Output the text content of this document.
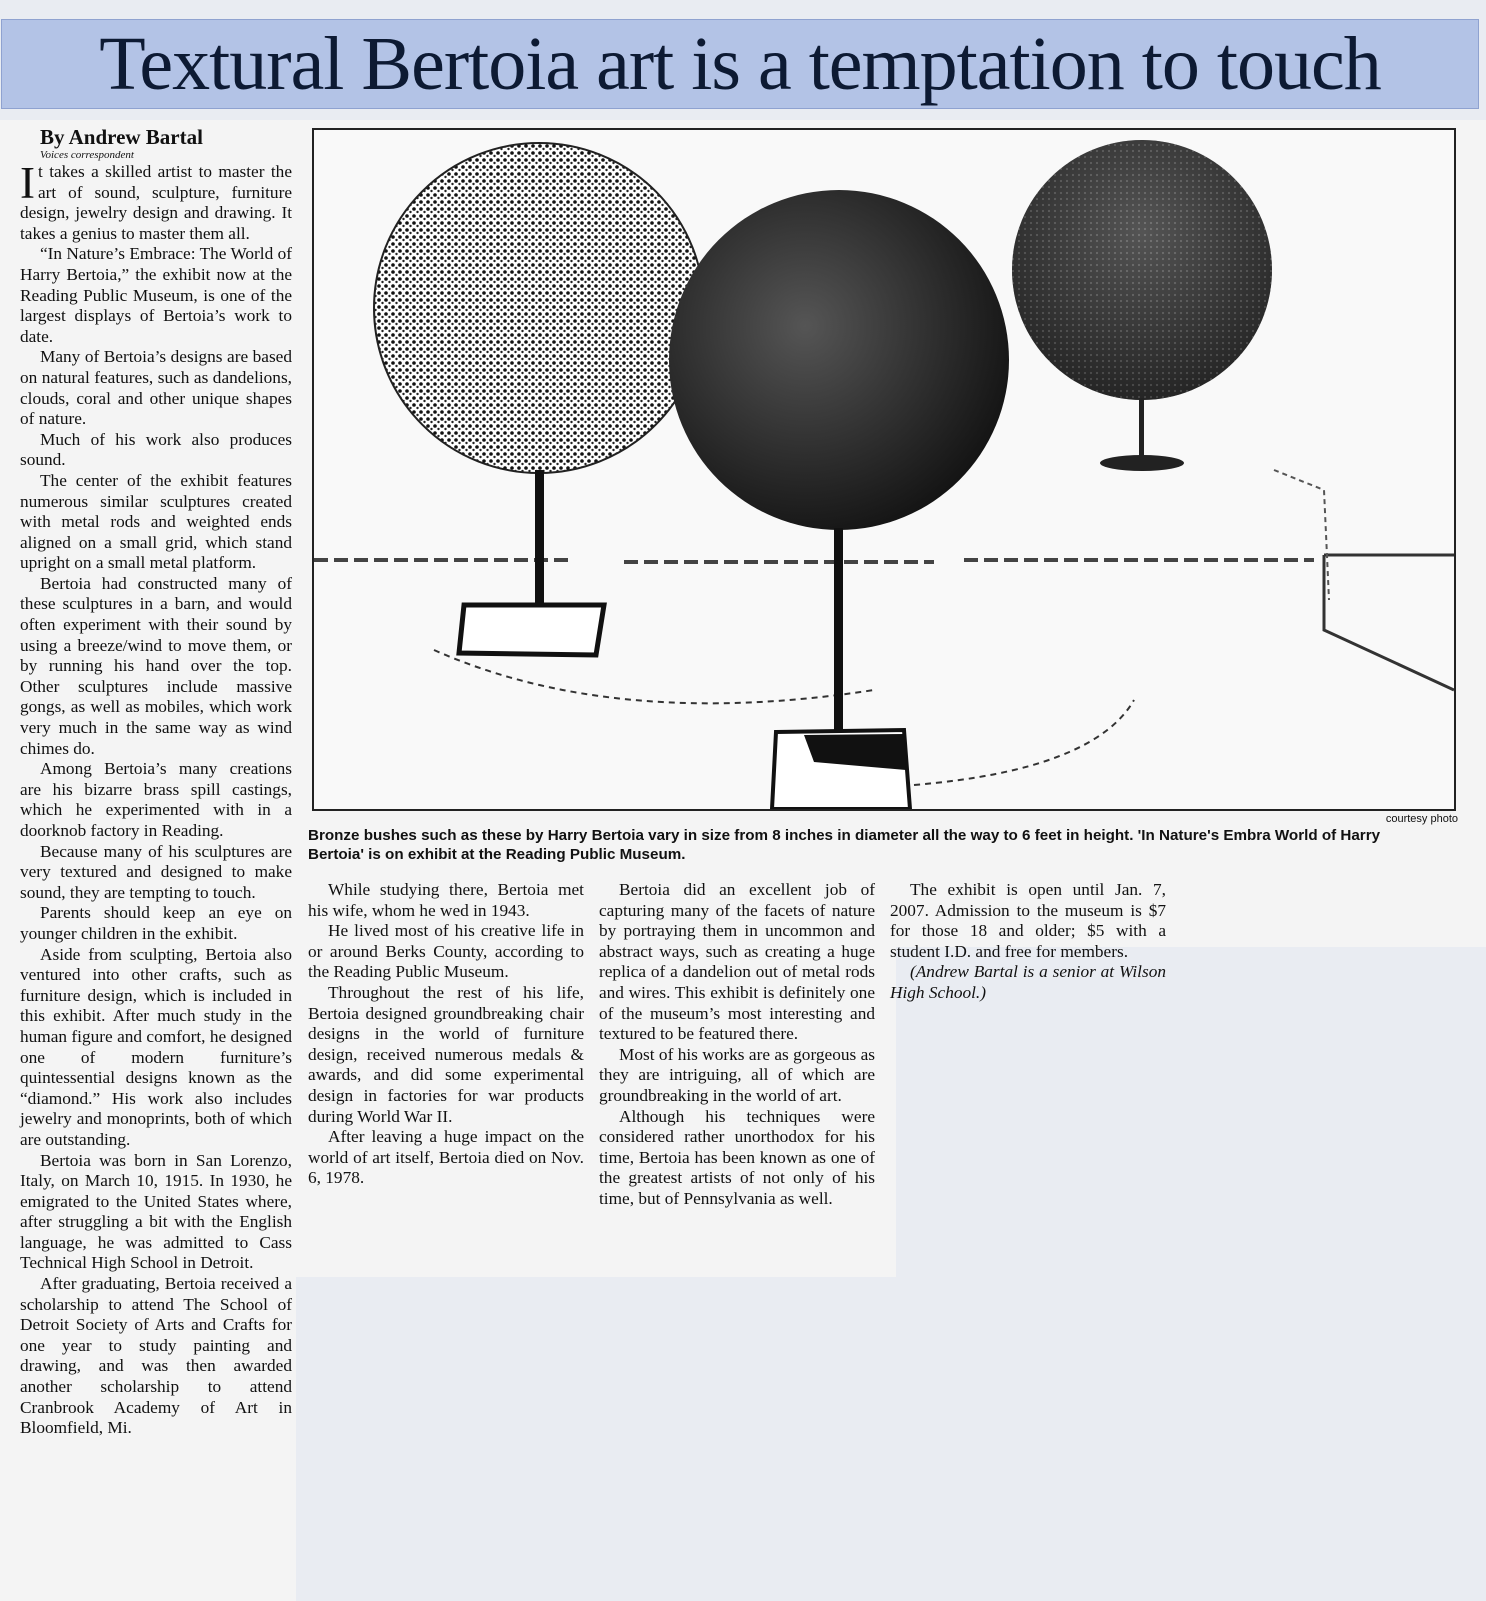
Textural Bertoia art is a temptation to touch
courtesy photo
Bronze bushes such as these by Harry Bertoia vary in size from 8 inches in diameter all the way to 6 feet in height. 'In Nature's Embra World of Harry Bertoia' is on exhibit at the Reading Public Museum.

By Andrew Bartal

Voices correspondent

It takes a skilled artist to master the art of sound, sculpture, furniture design, jewelry design and drawing. It takes a genius to master them all.

“In Nature’s Embrace: The World of Harry Bertoia,” the exhibit now at the Reading Public Museum, is one of the largest displays of Bertoia’s work to date.

Many of Bertoia’s designs are based on natural features, such as dandelions, clouds, coral and other unique shapes of nature.

Much of his work also produces sound.

The center of the exhibit features numerous similar sculptures created with metal rods and weighted ends aligned on a small grid, which stand upright on a small metal platform.

Bertoia had constructed many of these sculptures in a barn, and would often experiment with their sound by using a breeze/wind to move them, or by running his hand over the top. Other sculptures include massive gongs, as well as mobiles, which work very much in the same way as wind chimes do.

Among Bertoia’s many creations are his bizarre brass spill castings, which he experimented with in a doorknob factory in Reading.

Because many of his sculptures are very textured and designed to make sound, they are tempting to touch.

Parents should keep an eye on younger children in the exhibit.

Aside from sculpting, Bertoia also ventured into other crafts, such as furniture design, which is included in this exhibit. After much study in the human figure and comfort, he designed one of modern furniture’s quintessential designs known as the “diamond.” His work also includes jewelry and monoprints, both of which are outstanding.

Bertoia was born in San Lorenzo, Italy, on March 10, 1915. In 1930, he emigrated to the United States where, after struggling a bit with the English language, he was admitted to Cass Technical High School in Detroit.

After graduating, Bertoia received a scholarship to attend The School of Detroit Society of Arts and Crafts for one year to study painting and drawing, and was then awarded another scholarship to attend Cranbrook Academy of Art in Bloomfield, Mi.

While studying there, Bertoia met his wife, whom he wed in 1943.

He lived most of his creative life in or around Berks County, according to the Reading Public Museum.

Throughout the rest of his life, Bertoia designed groundbreaking chair designs in the world of furniture design, received numerous medals & awards, and did some experimental design in factories for war products during World War II.

After leaving a huge impact on the world of art itself, Bertoia died on Nov. 6, 1978.

Bertoia did an excellent job of capturing many of the facets of nature by portraying them in uncommon and abstract ways, such as creating a huge replica of a dandelion out of metal rods and wires. This exhibit is definitely one of the museum’s most interesting and textured to be featured there.

Most of his works are as gorgeous as they are intriguing, all of which are groundbreaking in the world of art.

Although his techniques were considered rather unorthodox for his time, Bertoia has been known as one of the greatest artists of not only of his time, but of Pennsylvania as well.

The exhibit is open until Jan. 7, 2007. Admission to the museum is $7 for those 18 and older; $5 with a student I.D. and free for members.

(Andrew Bartal is a senior at Wilson High School.)
